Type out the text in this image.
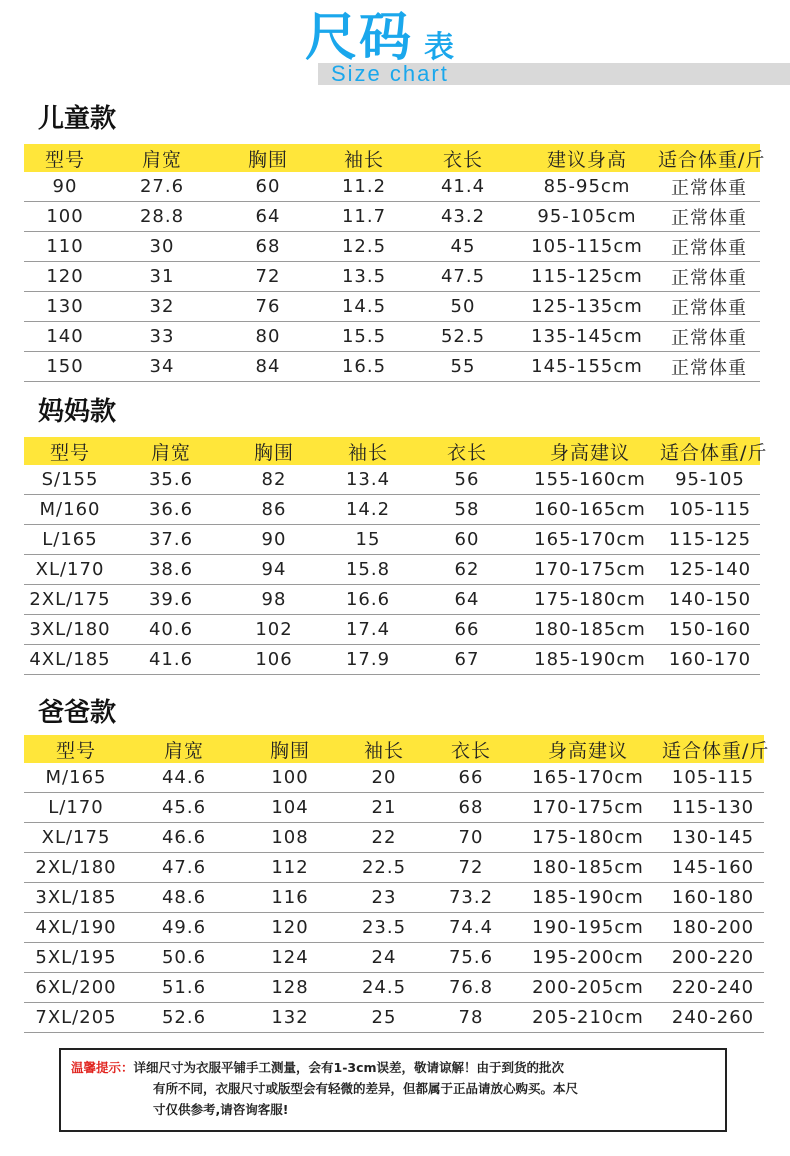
尺码 表
Size chart
儿童款
型号	肩宽	胸围	袖长	衣长	建议身高	适合体重/斤
90	27.6	60	11.2	41.4	85-95cm	正常体重
100	28.8	64	11.7	43.2	95-105cm	正常体重
110	30	68	12.5	45	105-115cm	正常体重
120	31	72	13.5	47.5	115-125cm	正常体重
130	32	76	14.5	50	125-135cm	正常体重
140	33	80	15.5	52.5	135-145cm	正常体重
150	34	84	16.5	55	145-155cm	正常体重
妈妈款
型号	肩宽	胸围	袖长	衣长	身高建议	适合体重/斤
S/155	35.6	82	13.4	56	155-160cm	95-105
M/160	36.6	86	14.2	58	160-165cm	105-115
L/165	37.6	90	15	60	165-170cm	115-125
XL/170	38.6	94	15.8	62	170-175cm	125-140
2XL/175	39.6	98	16.6	64	175-180cm	140-150
3XL/180	40.6	102	17.4	66	180-185cm	150-160
4XL/185	41.6	106	17.9	67	185-190cm	160-170
爸爸款
型号	肩宽	胸围	袖长	衣长	身高建议	适合体重/斤
M/165	44.6	100	20	66	165-170cm	105-115
L/170	45.6	104	21	68	170-175cm	115-130
XL/175	46.6	108	22	70	175-180cm	130-145
2XL/180	47.6	112	22.5	72	180-185cm	145-160
3XL/185	48.6	116	23	73.2	185-190cm	160-180
4XL/190	49.6	120	23.5	74.4	190-195cm	180-200
5XL/195	50.6	124	24	75.6	195-200cm	200-220
6XL/200	51.6	128	24.5	76.8	200-205cm	220-240
7XL/205	52.6	132	25	78	205-210cm	240-260
温馨提示：详细尺寸为衣服平铺手工测量，会有1-3cm误差，敬请谅解！由于到货的批次
有所不同，衣服尺寸或版型会有轻微的差异，但都属于正品请放心购买。本尺
寸仅供参考,请咨询客服!
